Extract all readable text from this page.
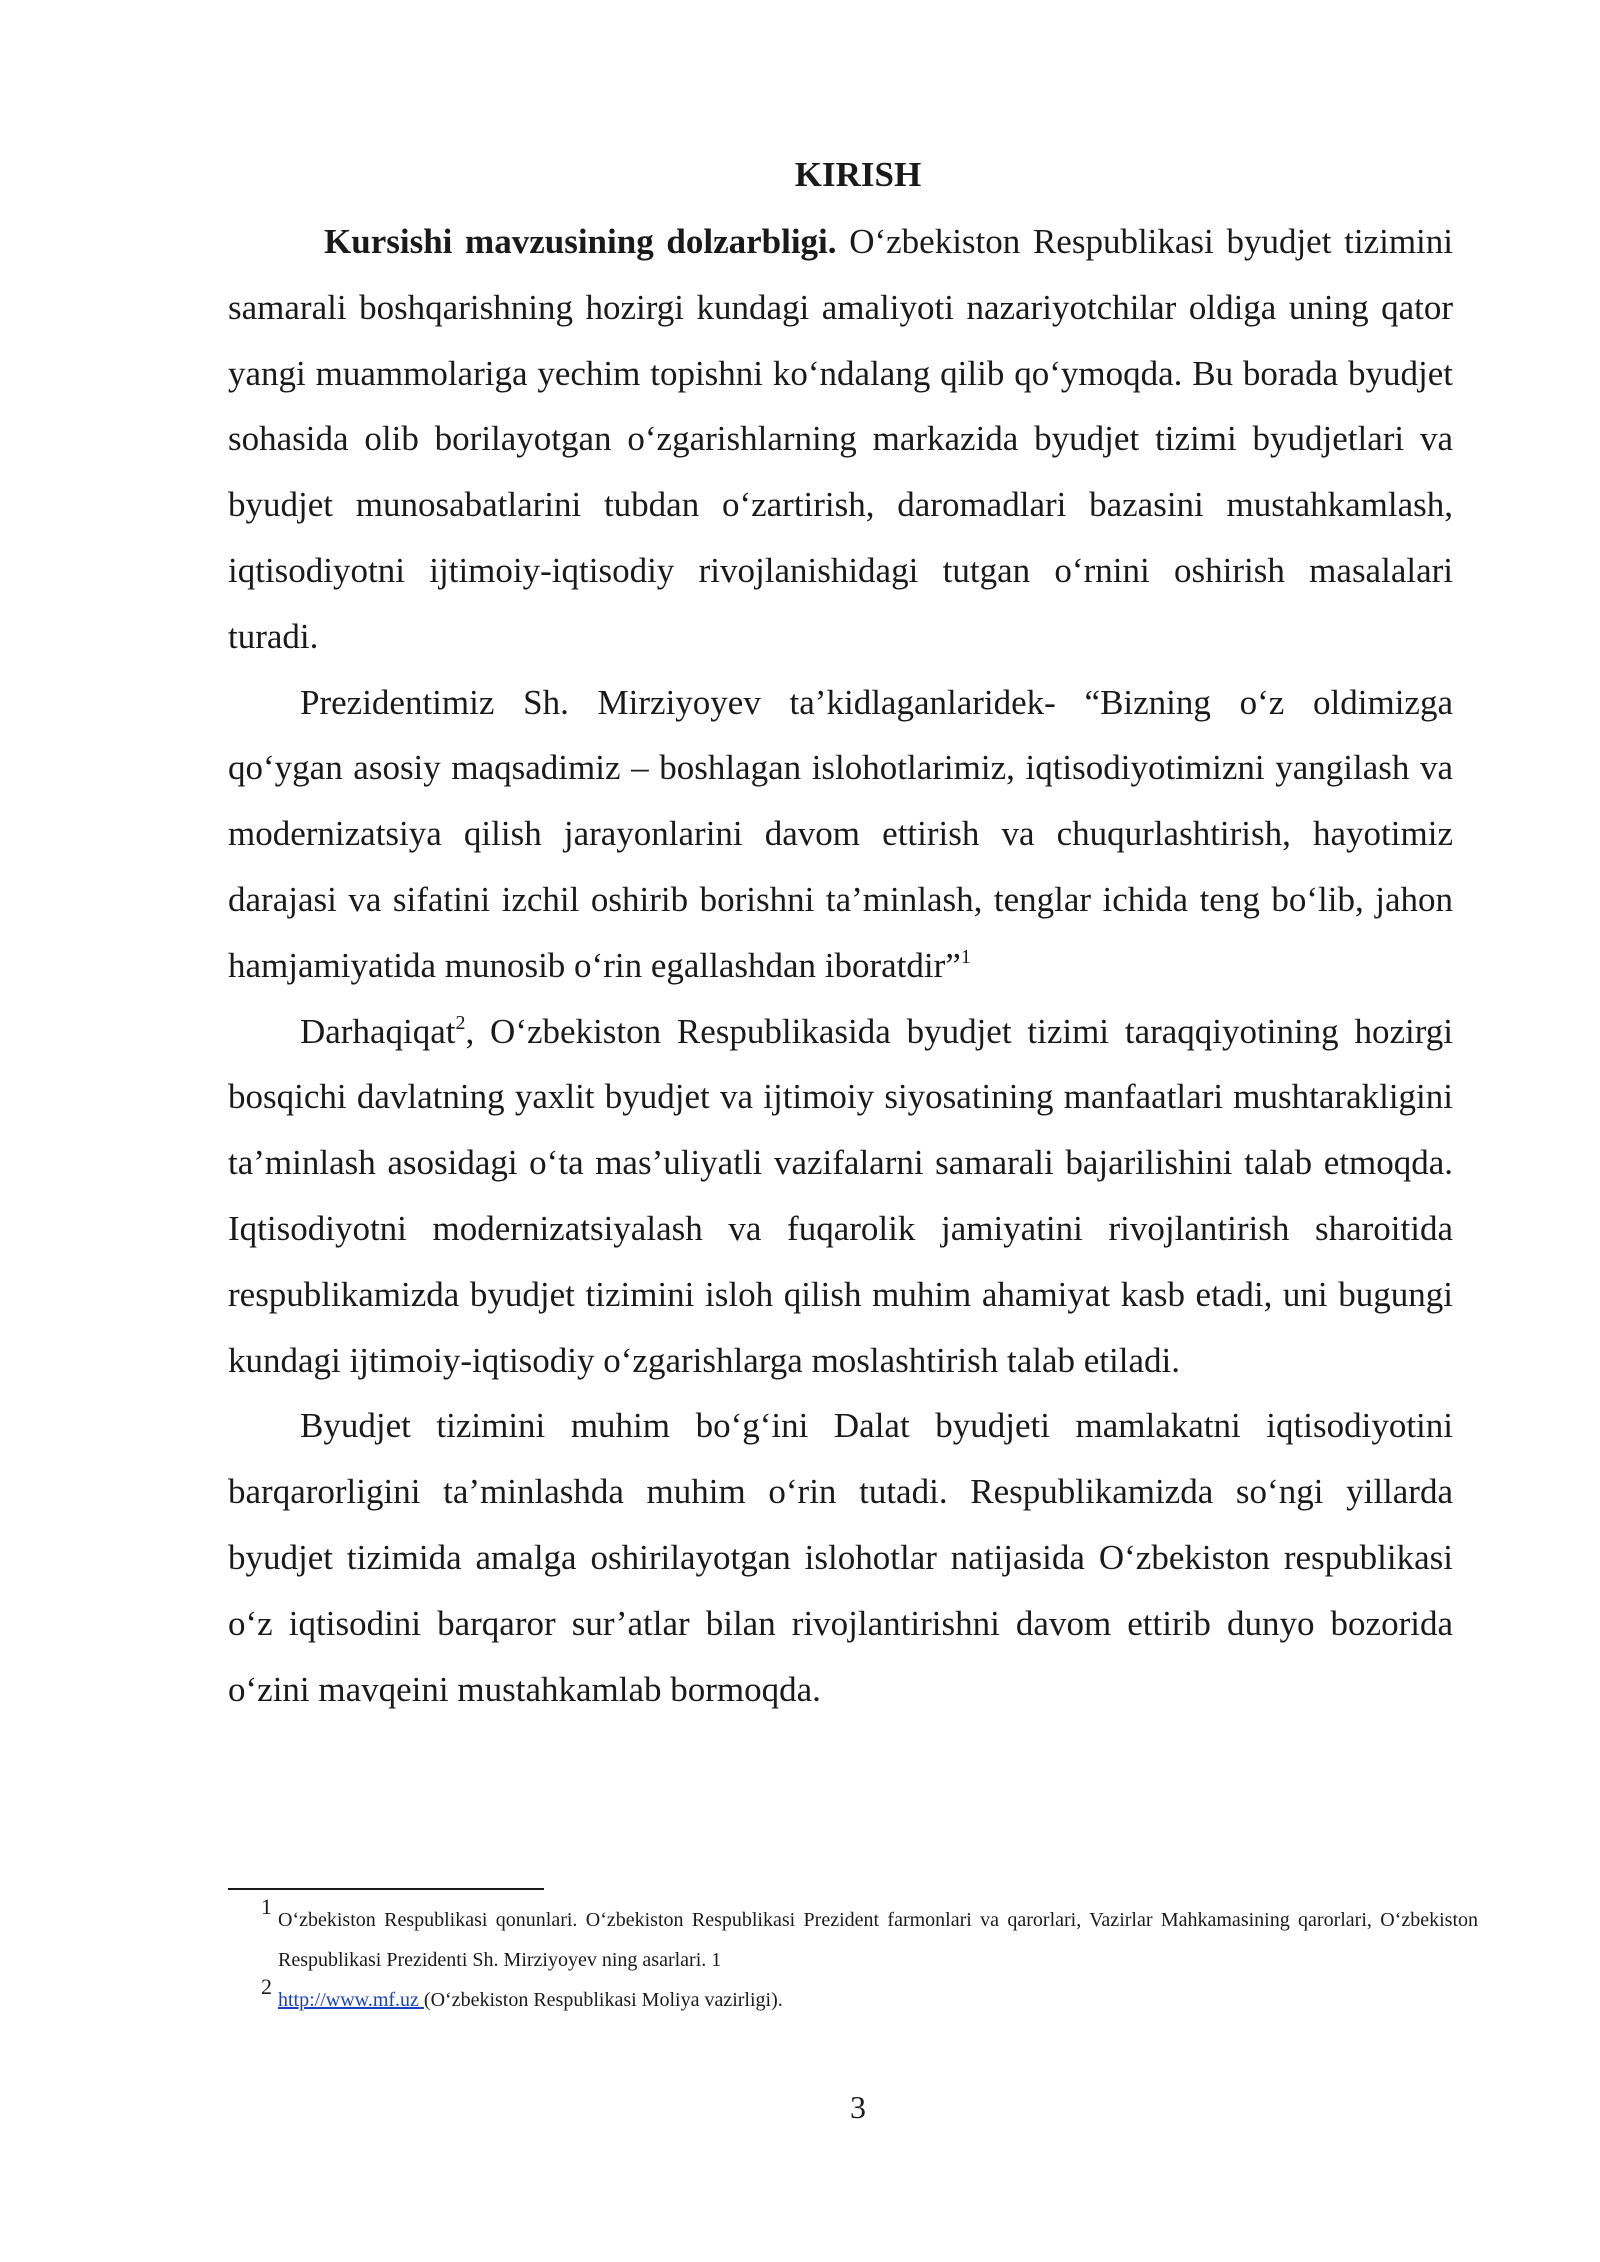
KIRISH

Kursishi mavzusining dolzarbligi. O‘zbekiston Respublikasi byudjet tizimini samarali boshqarishning hozirgi kundagi amaliyoti nazariyotchilar oldiga uning qator yangi muammolariga yechim topishni ko‘ndalang qilib qo‘ymoqda. Bu borada byudjet sohasida olib borilayotgan o‘zgarishlarning markazida byudjet tizimi byudjetlari va byudjet munosabatlarini tubdan o‘zartirish, daromadlari bazasini mustahkamlash, iqtisodiyotni ijtimoiy-iqtisodiy rivojlanishidagi tutgan o‘rnini oshirish masalalari turadi.

Prezidentimiz Sh. Mirziyoyev ta’kidlaganlaridek- “Bizning o‘z oldimizga qo‘ygan asosiy maqsadimiz – boshlagan islohotlarimiz, iqtisodiyotimizni yangilash va modernizatsiya qilish jarayonlarini davom ettirish va chuqurlashtirish, hayotimiz darajasi va sifatini izchil oshirib borishni ta’minlash, tenglar ichida teng bo‘lib, jahon hamjamiyatida munosib o‘rin egallashdan iboratdir”$^1$

Darhaqiqat$^2$, O‘zbekiston Respublikasida byudjet tizimi taraqqiyotining hozirgi bosqichi davlatning yaxlit byudjet va ijtimoiy siyosatining manfaatlari mushtarakligini ta’minlash asosidagi o‘ta mas’uliyatli vazifalarni samarali bajarilishini talab etmoqda. Iqtisodiyotni modernizatsiyalash va fuqarolik jamiyatini rivojlantirish sharoitida respublikamizda byudjet tizimini isloh qilish muhim ahamiyat kasb etadi, uni bugungi kundagi ijtimoiy-iqtisodiy o‘zgarishlarga moslashtirish talab etiladi.

Byudjet tizimini muhim bo‘g‘ini Dalat byudjeti mamlakatni iqtisodiyotini barqarorligini ta’minlashda muhim o‘rin tutadi. Respublikamizda so‘ngi yillarda byudjet tizimida amalga oshirilayotgan islohotlar natijasida O‘zbekiston respublikasi o‘z iqtisodini barqaror sur’atlar bilan rivojlantirishni davom ettirib dunyo bozorida o‘zini mavqeini mustahkamlab bormoqda.

1O‘zbekiston Respublikasi qonunlari. O‘zbekiston Respublikasi Prezident farmonlari va qarorlari, Vazirlar Mahkamasining qarorlari, O‘zbekiston Respublikasi Prezidenti Sh. Mirziyoyev ning asarlari. 1
2http://www.mf.uz (O‘zbekiston Respublikasi Moliya vazirligi).
3
